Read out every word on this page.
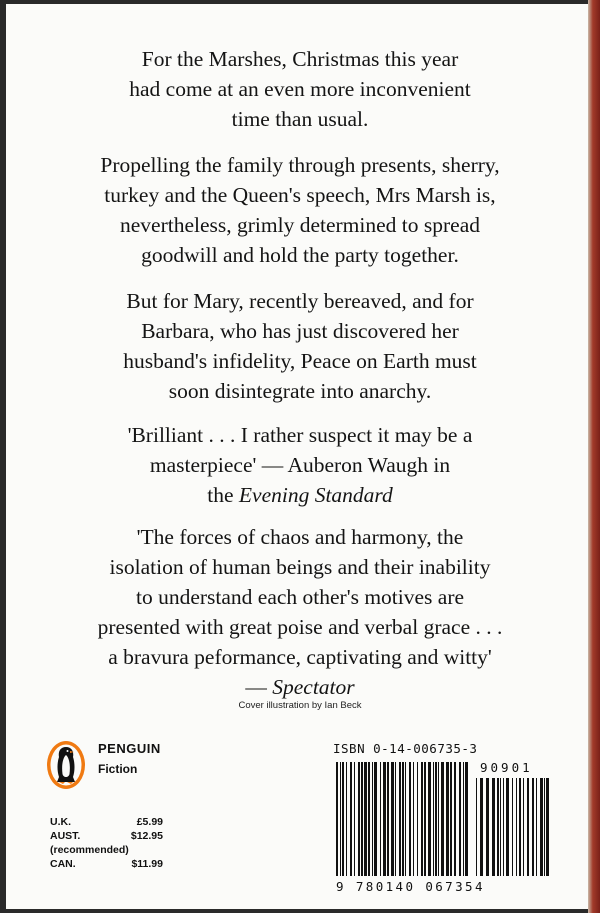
For the Marshes, Christmas this year

had come at an even more inconvenient

time than usual.

Propelling the family through presents, sherry,

turkey and the Queen's speech, Mrs Marsh is,

nevertheless, grimly determined to spread

goodwill and hold the party together.

But for Mary, recently bereaved, and for

Barbara, who has just discovered her

husband's infidelity, Peace on Earth must

soon disintegrate into anarchy.

'Brilliant . . . I rather suspect it may be a

masterpiece' — Auberon Waugh in

the Evening Standard

'The forces of chaos and harmony, the

isolation of human beings and their inability

to understand each other's motives are

presented with great poise and verbal grace . . .

a bravura peformance, captivating and witty'

— Spectator

Cover illustration by Ian Beck
PENGUIN
Fiction
U.K.	£5.99
AUST.	$12.95
(recommended)
CAN.	$11.99
ISBN 0-14-006735-3
90901
9 780140 067354
